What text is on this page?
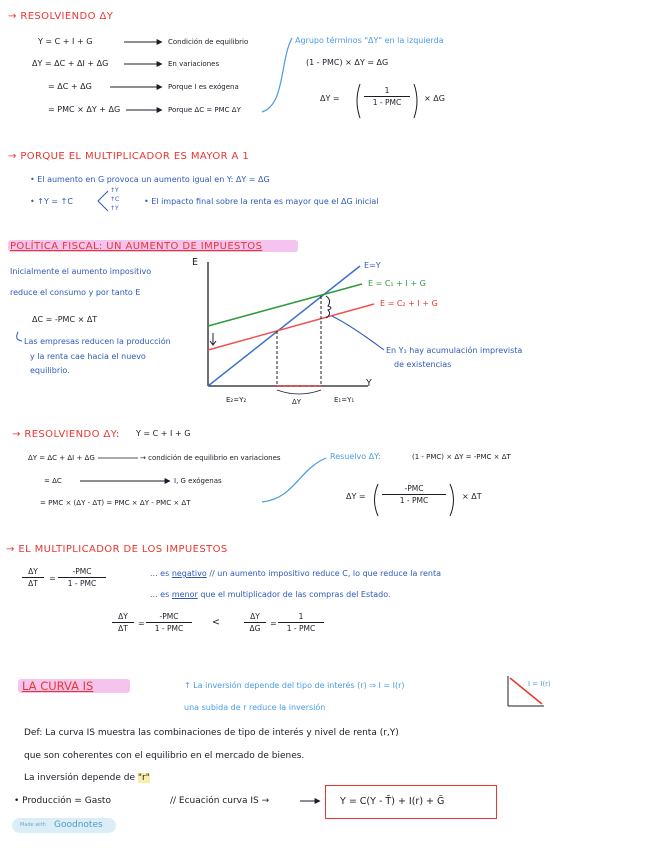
→ RESOLVIENDO ΔY
Y = C + I + G	Condición de equilibrio
ΔY = ΔC + ΔI + ΔG	En variaciones
= ΔC + ΔG	Porque I es exógena
= PMC × ΔY + ΔG	Porque ΔC = PMC ΔY
Agrupo términos "ΔY" en la izquierda
(1 - PMC) × ΔY = ΔG
ΔY =
1
1 - PMC	× ΔG
→ PORQUE EL MULTIPLICADOR ES MAYOR A 1
• El aumento en G provoca un aumento igual en Y: ΔY = ΔG
• ↑Y = ↑C
↑Y
↑C
↑Y
• El impacto final sobre la renta es mayor que el ΔG inicial
POLÍTICA FISCAL: UN AUMENTO DE IMPUESTOS
Inicialmente el aumento impositivo
reduce el consumo y por tanto E
ΔC = -PMC × ΔT
Las empresas reducen la producción
y la renta cae hacia el nuevo
equilibrio.
E
Y
E=Y
E = C₁ + I + G
E = C₂ + I + G
E₂=Y₂	ΔY	E₁=Y₁
En Y₁ hay acumulación imprevista
de existencias
→ RESOLVIENDO ΔY: Y = C + I + G
ΔY = ΔC + ΔI + ΔG	→ condición de equilibrio en variaciones
= ΔC	I, G exógenas
= PMC × (ΔY - ΔT) = PMC × ΔY - PMC × ΔT
Resuelvo ΔY:	(1 - PMC) × ΔY = -PMC × ΔT
ΔY =
-PMC
1 - PMC	× ΔT
→ EL MULTIPLICADOR DE LOS IMPUESTOS
ΔY
ΔT
=
-PMC
1 - PMC
... es negativo // un aumento impositivo reduce C, lo que reduce la renta
... es menor que el multiplicador de las compras del Estado.
ΔY
ΔT
=
-PMC
1 - PMC
<
ΔY
ΔG
=
1
1 - PMC
LA CURVA IS	↑ La inversión depende del tipo de interés (r) ⇒ I = I(r)
una subida de r reduce la inversión
I = I(r)
Def: La curva IS muestra las combinaciones de tipo de interés y nivel de renta (r,Y)
que son coherentes con el equilibrio en el mercado de bienes.
La inversión depende de "r"
• Producción = Gasto	// Ecuación curva IS →	Y = C(Y - T̄) + I(r) + Ḡ
Made with Goodnotes
